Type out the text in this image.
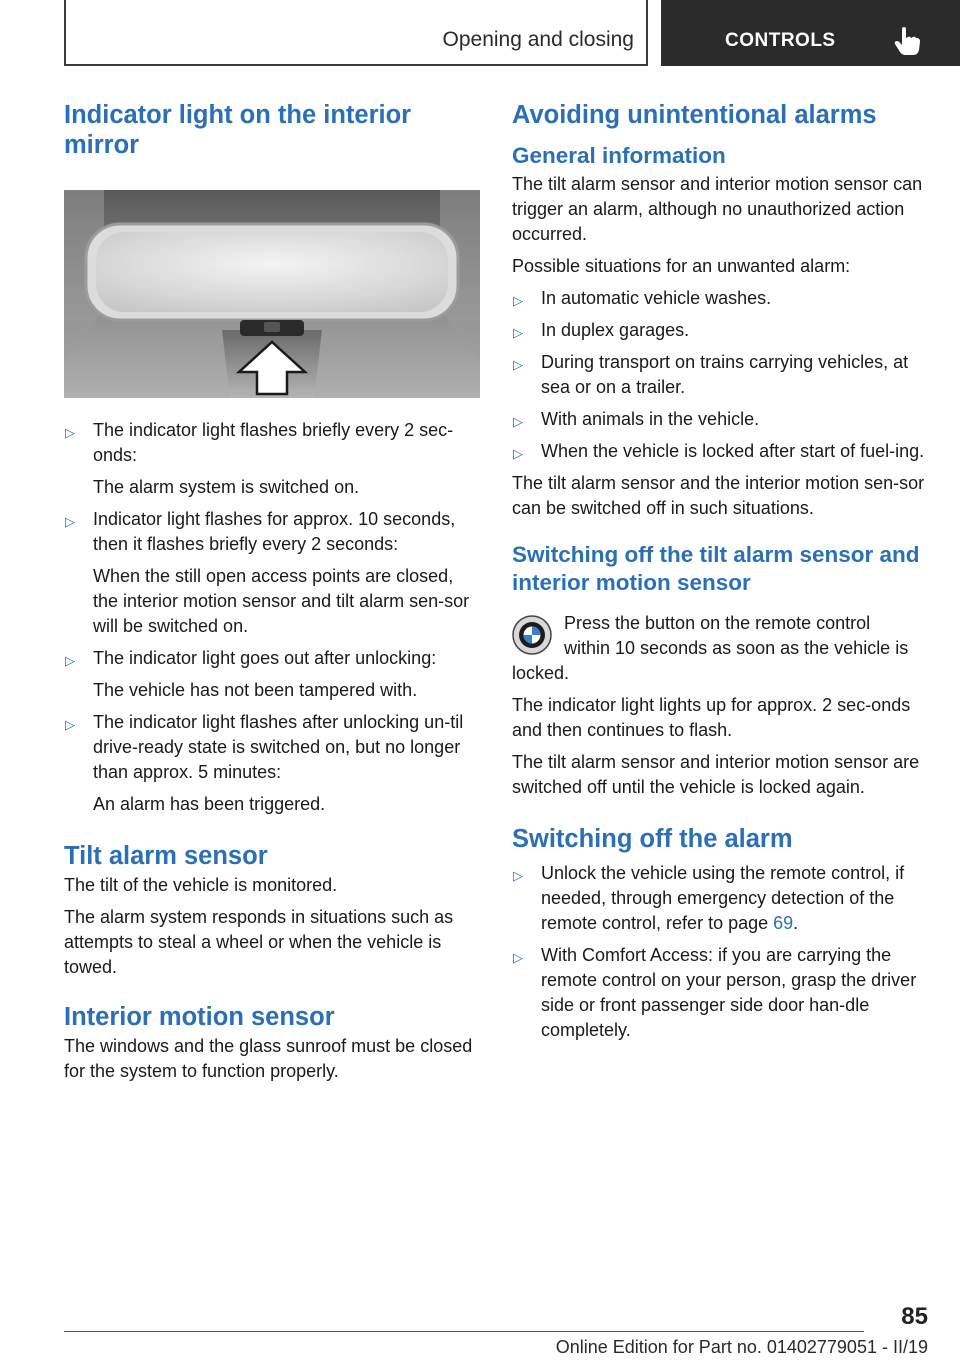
Opening and closing	CONTROLS
Indicator light on the interior mirror
▷ The indicator light flashes briefly every 2 sec‐onds:
The alarm system is switched on.
▷ Indicator light flashes for approx. 10 seconds, then it flashes briefly every 2 seconds:
When the still open access points are closed, the interior motion sensor and tilt alarm sen‐sor will be switched on.
▷ The indicator light goes out after unlocking:
The vehicle has not been tampered with.
▷ The indicator light flashes after unlocking un‐til drive-ready state is switched on, but no longer than approx. 5 minutes:
An alarm has been triggered.
Tilt alarm sensor

The tilt of the vehicle is monitored.

The alarm system responds in situations such as attempts to steal a wheel or when the vehicle is towed.

Interior motion sensor

The windows and the glass sunroof must be closed for the system to function properly.

Avoiding unintentional alarms
General information

The tilt alarm sensor and interior motion sensor can trigger an alarm, although no unauthorized action occurred.

Possible situations for an unwanted alarm:

▷ In automatic vehicle washes.
▷ In duplex garages.
▷ During transport on trains carrying vehicles, at sea or on a trailer.
▷ With animals in the vehicle.
▷ When the vehicle is locked after start of fuel‐ing.

The tilt alarm sensor and the interior motion sen‐sor can be switched off in such situations.

Switching off the tilt alarm sensor and interior motion sensor

Press the button on the remote control

within 10 seconds as soon as the vehicle is

locked.

The indicator light lights up for approx. 2 sec‐onds and then continues to flash.

The tilt alarm sensor and interior motion sensor are switched off until the vehicle is locked again.

Switching off the alarm
▷ Unlock the vehicle using the remote control, if needed, through emergency detection of the remote control, refer to page 69.
▷ With Comfort Access: if you are carrying the remote control on your person, grasp the driver side or front passenger side door han‐dle completely.
85
Online Edition for Part no. 01402779051 - II/19
